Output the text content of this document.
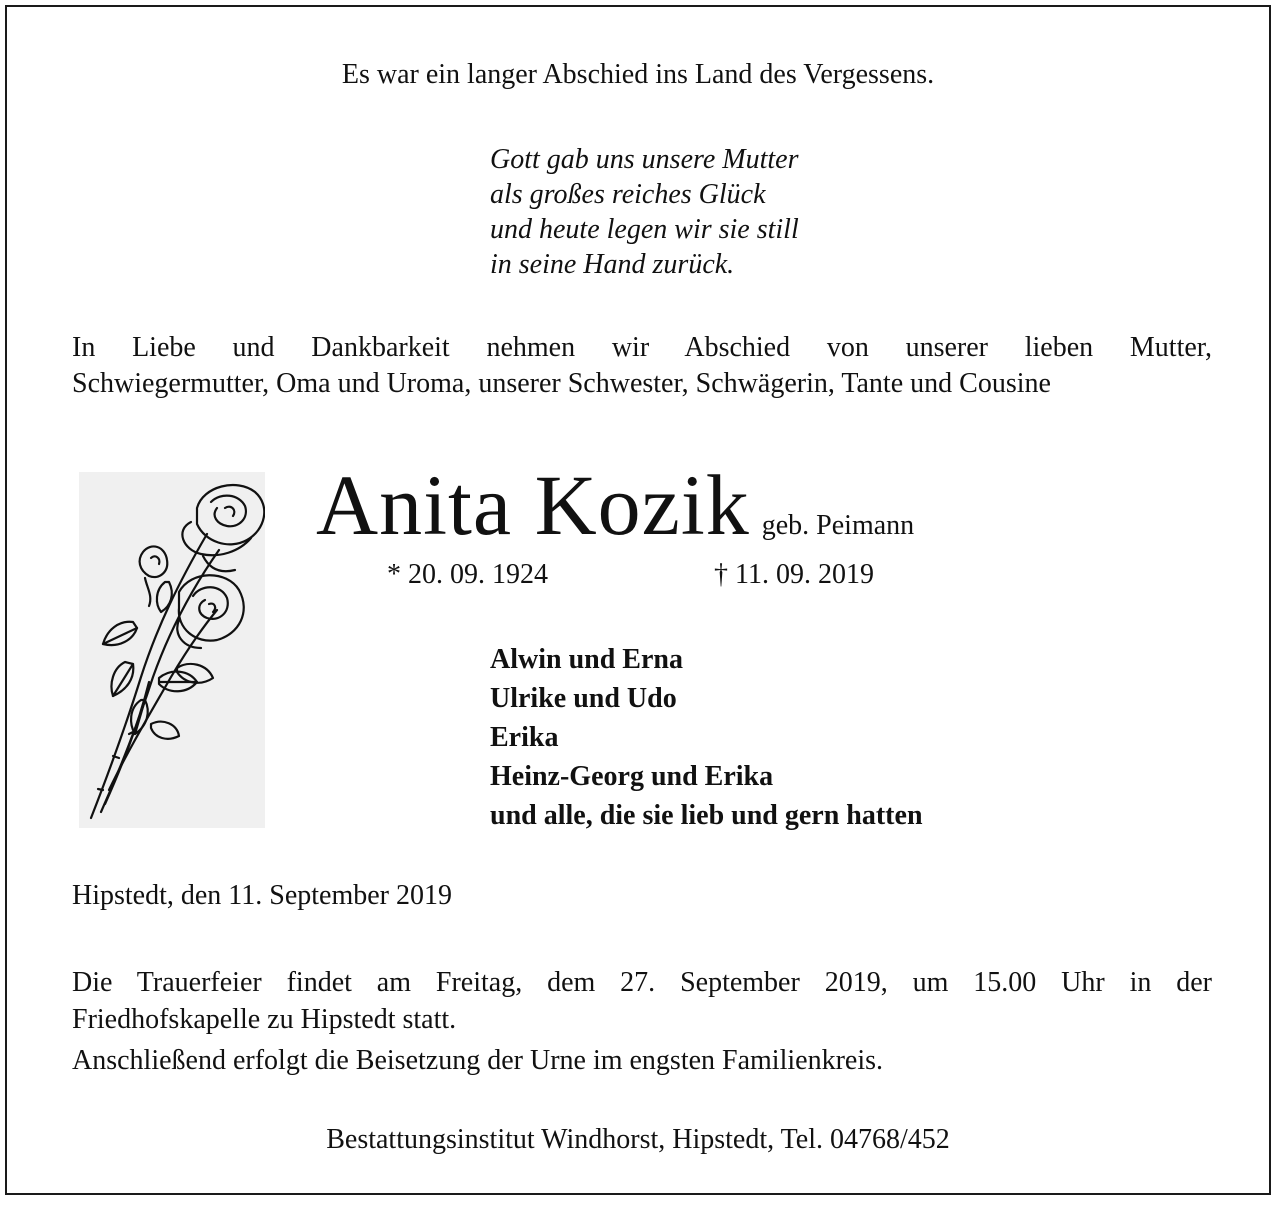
Es war ein langer Abschied ins Land des Vergessens.

Gott gab uns unsere Mutter
als großes reiches Glück
und heute legen wir sie still
in seine Hand zurück.

In Liebe und Dankbarkeit nehmen wir Abschied von unserer lieben Mutter,
Schwiegermutter, Oma und Uroma, unserer Schwester, Schwägerin, Tante und Cousine

Anita Kozik geb. Peimann
* 20. 09. 1924	† 11. 09. 2019
Alwin und Erna
Ulrike und Udo
Erika
Heinz-Georg und Erika
und alle, die sie lieb und gern hatten

Hipstedt, den 11. September 2019

Die Trauerfeier findet am Freitag, dem 27. September 2019, um 15.00 Uhr in der
Friedhofskapelle zu Hipstedt statt.
Anschließend erfolgt die Beisetzung der Urne im engsten Familienkreis.

Bestattungsinstitut Windhorst, Hipstedt, Tel. 04768/452
